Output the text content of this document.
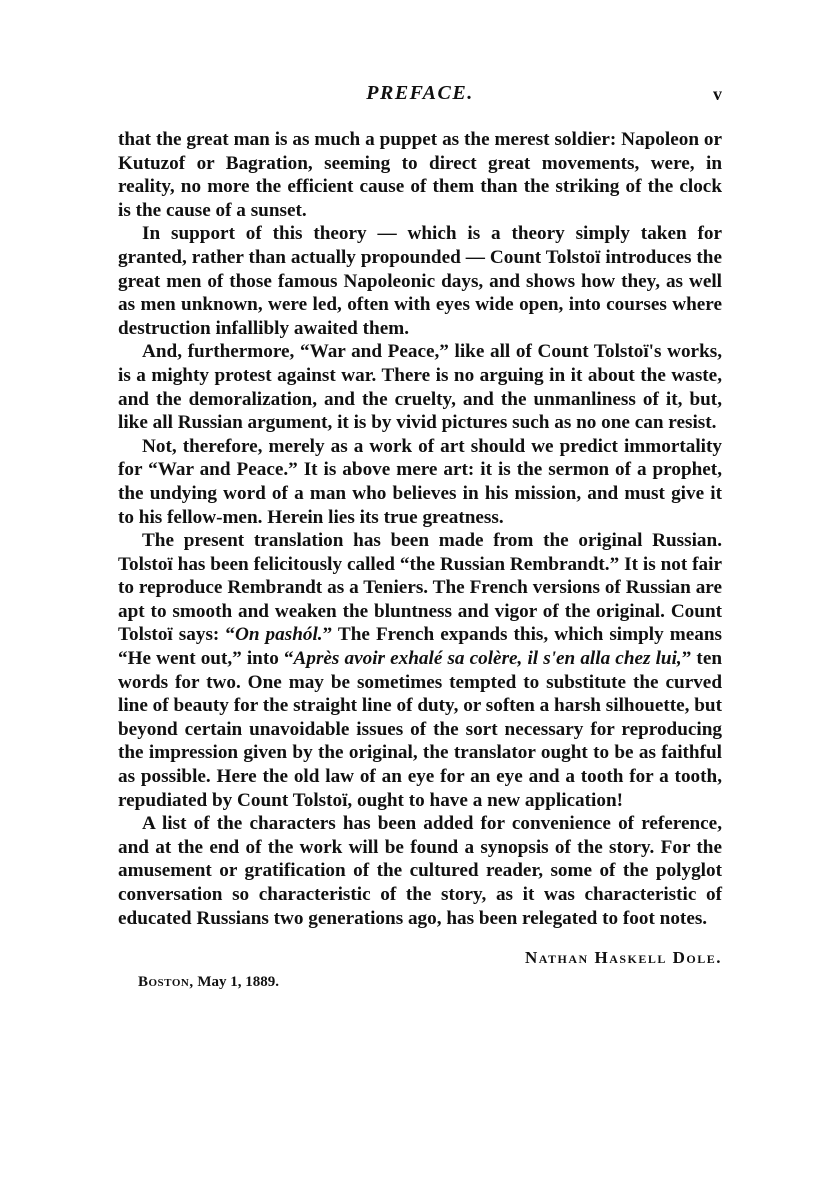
PREFACE.	v

that the great man is as much a puppet as the merest soldier: Napoleon or Kutuzof or Bagration, seeming to direct great movements, were, in reality, no more the efficient cause of them than the striking of the clock is the cause of a sunset.

In support of this theory — which is a theory simply taken for granted, rather than actually propounded — Count Tolstoï introduces the great men of those famous Napoleonic days, and shows how they, as well as men unknown, were led, often with eyes wide open, into courses where destruction infallibly awaited them.

And, furthermore, “War and Peace,” like all of Count Tolstoï's works, is a mighty protest against war. There is no arguing in it about the waste, and the demoralization, and the cruelty, and the unmanliness of it, but, like all Russian argument, it is by vivid pictures such as no one can resist.

Not, therefore, merely as a work of art should we predict immortality for “War and Peace.” It is above mere art: it is the sermon of a prophet, the undying word of a man who believes in his mission, and must give it to his fellow-men. Herein lies its true greatness.

The present translation has been made from the original Russian. Tolstoï has been felicitously called “the Russian Rembrandt.” It is not fair to reproduce Rembrandt as a Teniers. The French versions of Russian are apt to smooth and weaken the bluntness and vigor of the original. Count Tolstoï says: “On pashól.” The French expands this, which simply means “He went out,” into “Après avoir exhalé sa colère, il s'en alla chez lui,” ten words for two. One may be sometimes tempted to substitute the curved line of beauty for the straight line of duty, or soften a harsh silhouette, but beyond certain unavoidable issues of the sort necessary for reproducing the impression given by the original, the translator ought to be as faithful as possible. Here the old law of an eye for an eye and a tooth for a tooth, repudiated by Count Tolstoï, ought to have a new application!

A list of the characters has been added for convenience of reference, and at the end of the work will be found a synopsis of the story. For the amusement or gratification of the cultured reader, some of the polyglot conversation so characteristic of the story, as it was characteristic of educated Russians two generations ago, has been relegated to foot notes.

Nathan Haskell Dole.
Boston, May 1, 1889.
